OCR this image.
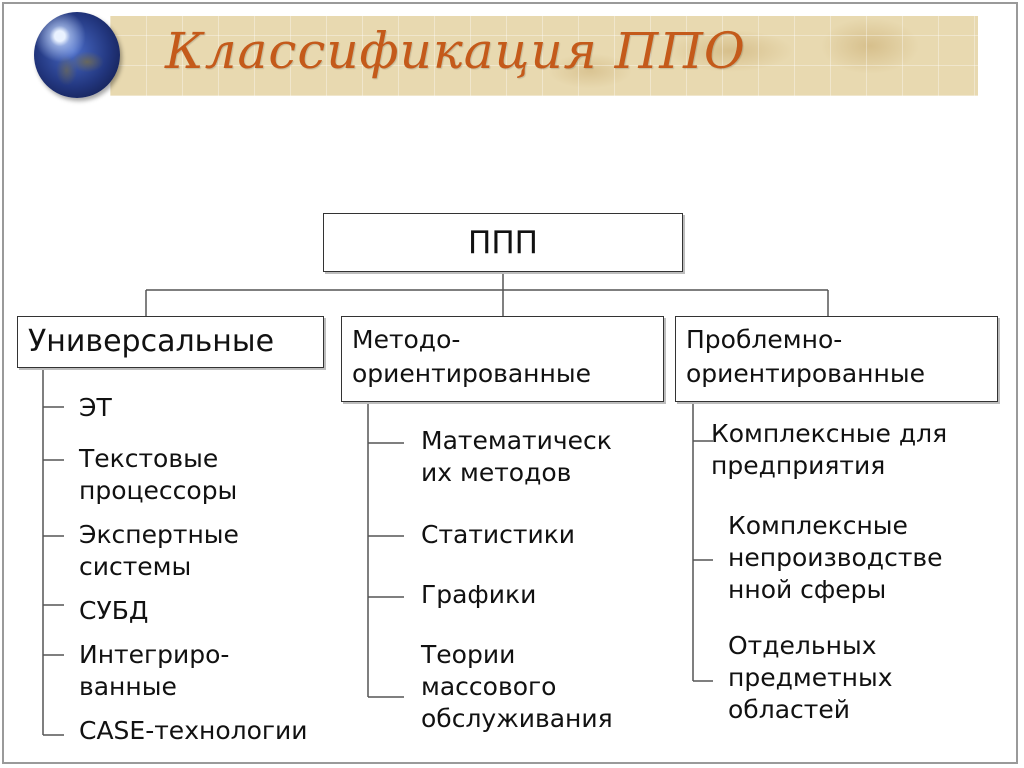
Классификация ППО
ППП
Универсальные	Методо-
ориентированные
Проблемно-
ориентированные
ЭТ
Текстовые
процессоры
Экспертные
системы
СУБД
Интегриро-
ванные
CASE-технологии
Математическ
их методов
Статистики
Графики
Теории
массового
обслуживания
Комплексные для
предприятия
Комплексные
непроизводстве
нной сферы
Отдельных
предметных
областей
